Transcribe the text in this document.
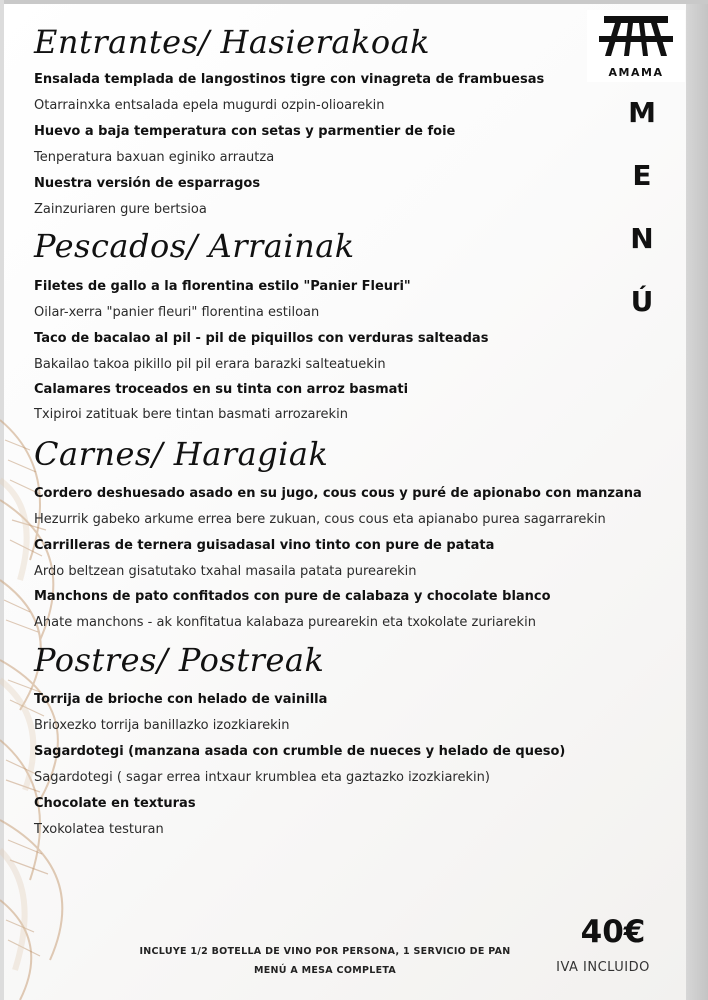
AMAMA
M
E
N
Ú
Entrantes/ Hasierakoak
Ensalada templada de langostinos tigre con vinagreta de frambuesas
Otarrainxka entsalada epela mugurdi ozpin-olioarekin
Huevo a baja temperatura con setas y parmentier de foie
Tenperatura baxuan eginiko arrautza
Nuestra versión de esparragos
Zainzuriaren gure bertsioa
Pescados/ Arrainak
Filetes de gallo a la florentina estilo "Panier Fleuri"
Oilar-xerra "panier fleuri" florentina estiloan
Taco de bacalao al pil - pil de piquillos con verduras salteadas
Bakailao takoa pikillo pil pil erara barazki salteatuekin
Calamares troceados en su tinta con arroz basmati
Txipiroi zatituak bere tintan basmati arrozarekin
Carnes/ Haragiak
Cordero deshuesado asado en su jugo, cous cous y puré de apionabo con manzana
Hezurrik gabeko arkume errea bere zukuan, cous cous eta apianabo purea sagarrarekin
Carrilleras de ternera guisadasal vino tinto con pure de patata
Ardo beltzean gisatutako txahal masaila patata purearekin
Manchons de pato confitados con pure de calabaza y chocolate blanco
Ahate manchons - ak konfitatua kalabaza purearekin eta txokolate zuriarekin
Postres/ Postreak
Torrija de brioche con helado de vainilla
Brioxezko torrija banillazko izozkiarekin
Sagardotegi (manzana asada con crumble de nueces y helado de queso)
Sagardotegi ( sagar errea intxaur krumblea eta gaztazko izozkiarekin)
Chocolate en texturas
Txokolatea testuran
INCLUYE 1/2 BOTELLA DE VINO POR PERSONA, 1 SERVICIO DE PAN
MENÚ A MESA COMPLETA
40€
IVA INCLUIDO
